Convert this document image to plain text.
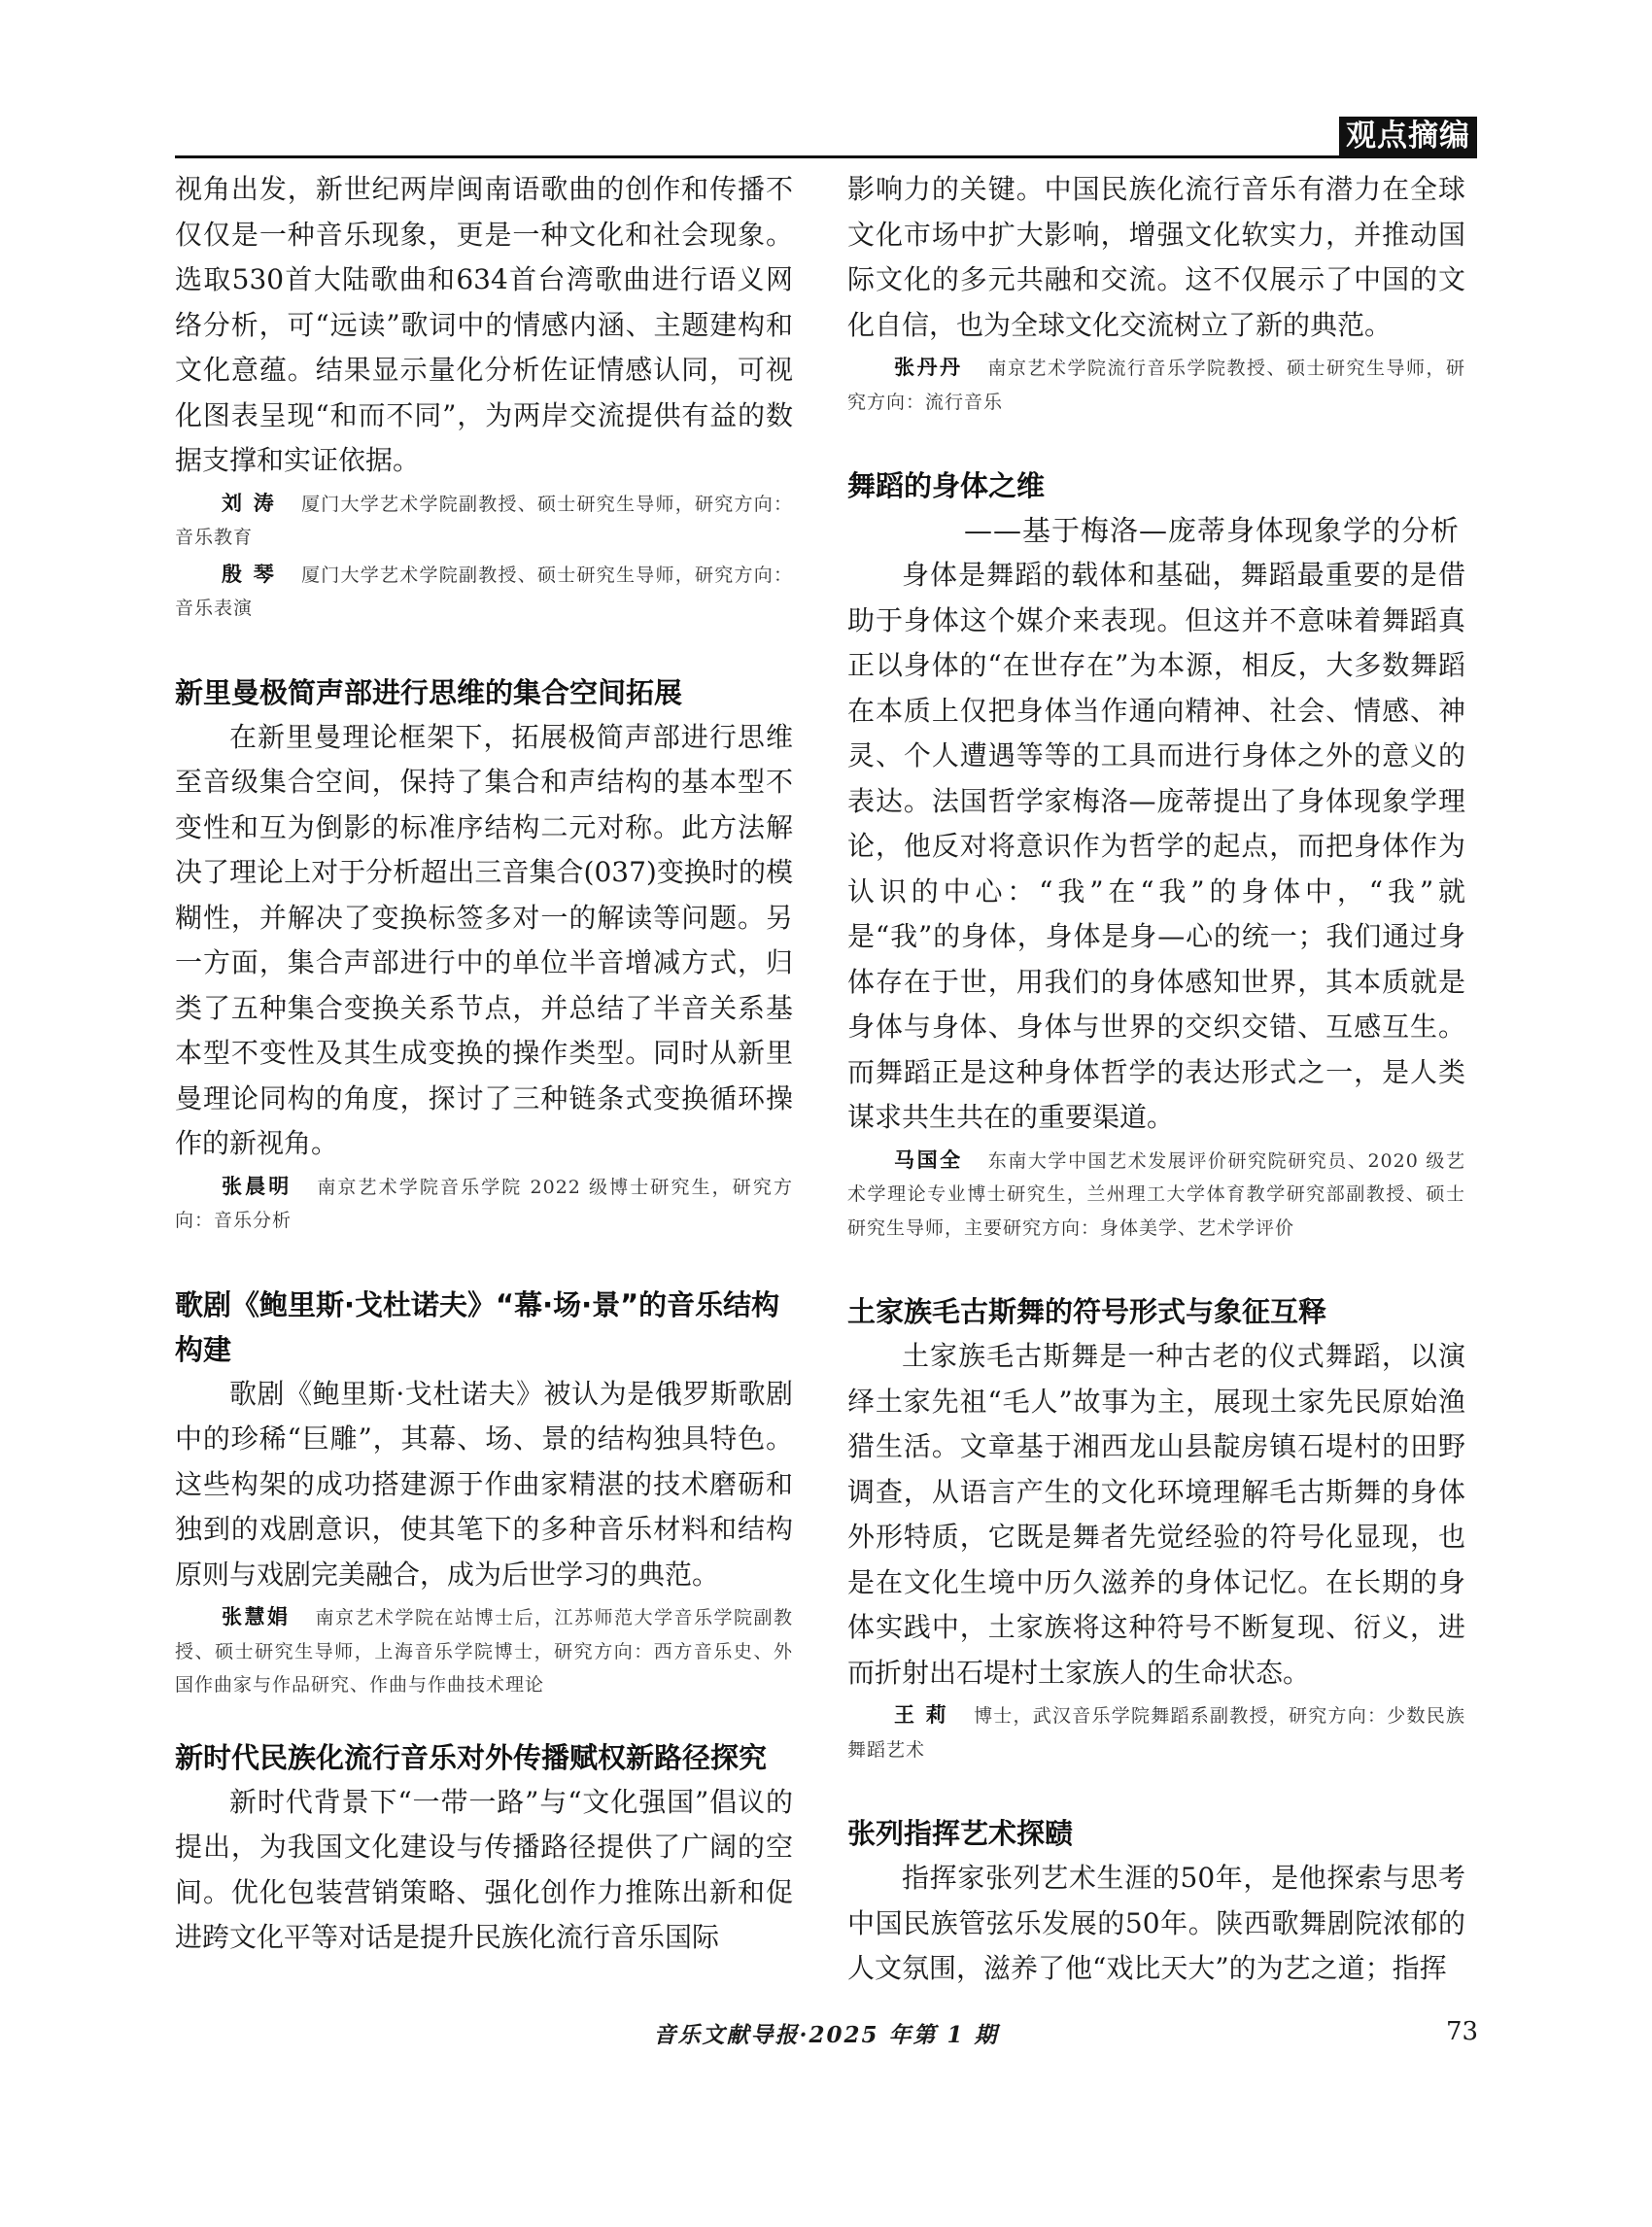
观点摘编

视角出发，新世纪两岸闽南语歌曲的创作和传播不仅仅是一种音乐现象，更是一种文化和社会现象。选取530首大陆歌曲和634首台湾歌曲进行语义网络分析，可“远读”歌词中的情感内涵、主题建构和文化意蕴。结果显示量化分析佐证情感认同，可视化图表呈现“和而不同”，为两岸交流提供有益的数据支撑和实证依据。

刘 涛 厦门大学艺术学院副教授、硕士研究生导师，研究方向：音乐教育
殷 琴 厦门大学艺术学院副教授、硕士研究生导师，研究方向：音乐表演
新里曼极简声部进行思维的集合空间拓展

在新里曼理论框架下，拓展极简声部进行思维至音级集合空间，保持了集合和声结构的基本型不变性和互为倒影的标准序结构二元对称。此方法解决了理论上对于分析超出三音集合(037)变换时的模糊性，并解决了变换标签多对一的解读等问题。另一方面，集合声部进行中的单位半音增减方式，归类了五种集合变换关系节点，并总结了半音关系基本型不变性及其生成变换的操作类型。同时从新里曼理论同构的角度，探讨了三种链条式变换循环操作的新视角。

张晨明 南京艺术学院音乐学院 2022 级博士研究生，研究方向：音乐分析
歌剧《鲍里斯·戈杜诺夫》“幕·场·景”的音乐结构构建

歌剧《鲍里斯·戈杜诺夫》被认为是俄罗斯歌剧中的珍稀“巨雕”，其幕、场、景的结构独具特色。这些构架的成功搭建源于作曲家精湛的技术磨砺和独到的戏剧意识，使其笔下的多种音乐材料和结构原则与戏剧完美融合，成为后世学习的典范。

张慧娟 南京艺术学院在站博士后，江苏师范大学音乐学院副教授、硕士研究生导师，上海音乐学院博士，研究方向：西方音乐史、外国作曲家与作品研究、作曲与作曲技术理论
新时代民族化流行音乐对外传播赋权新路径探究

新时代背景下“一带一路”与“文化强国”倡议的提出，为我国文化建设与传播路径提供了广阔的空间。优化包装营销策略、强化创作力推陈出新和促进跨文化平等对话是提升民族化流行音乐国际

影响力的关键。中国民族化流行音乐有潜力在全球文化市场中扩大影响，增强文化软实力，并推动国际文化的多元共融和交流。这不仅展示了中国的文化自信，也为全球文化交流树立了新的典范。

张丹丹 南京艺术学院流行音乐学院教授、硕士研究生导师，研究方向：流行音乐
舞蹈的身体之维

——基于梅洛—庞蒂身体现象学的分析

身体是舞蹈的载体和基础，舞蹈最重要的是借助于身体这个媒介来表现。但这并不意味着舞蹈真正以身体的“在世存在”为本源，相反，大多数舞蹈在本质上仅把身体当作通向精神、社会、情感、神灵、个人遭遇等等的工具而进行身体之外的意义的表达。法国哲学家梅洛—庞蒂提出了身体现象学理论，他反对将意识作为哲学的起点，而把身体作为认识的中心：“我”在“我”的身体中，“我”就是“我”的身体，身体是身—心的统一；我们通过身体存在于世，用我们的身体感知世界，其本质就是身体与身体、身体与世界的交织交错、互感互生。而舞蹈正是这种身体哲学的表达形式之一，是人类谋求共生共在的重要渠道。

马国全 东南大学中国艺术发展评价研究院研究员、2020 级艺术学理论专业博士研究生，兰州理工大学体育教学研究部副教授、硕士研究生导师，主要研究方向：身体美学、艺术学评价
土家族毛古斯舞的符号形式与象征互释

土家族毛古斯舞是一种古老的仪式舞蹈，以演绎土家先祖“毛人”故事为主，展现土家先民原始渔猎生活。文章基于湘西龙山县靛房镇石堤村的田野调查，从语言产生的文化环境理解毛古斯舞的身体外形特质，它既是舞者先觉经验的符号化显现，也是在文化生境中历久滋养的身体记忆。在长期的身体实践中，土家族将这种符号不断复现、衍义，进而折射出石堤村土家族人的生命状态。

王 莉 博士，武汉音乐学院舞蹈系副教授，研究方向：少数民族舞蹈艺术
张列指挥艺术探赜

指挥家张列艺术生涯的50年，是他探索与思考中国民族管弦乐发展的50年。陕西歌舞剧院浓郁的人文氛围，滋养了他“戏比天大”的为艺之道；指挥

音乐文献导报·2025 年第 1 期	73
